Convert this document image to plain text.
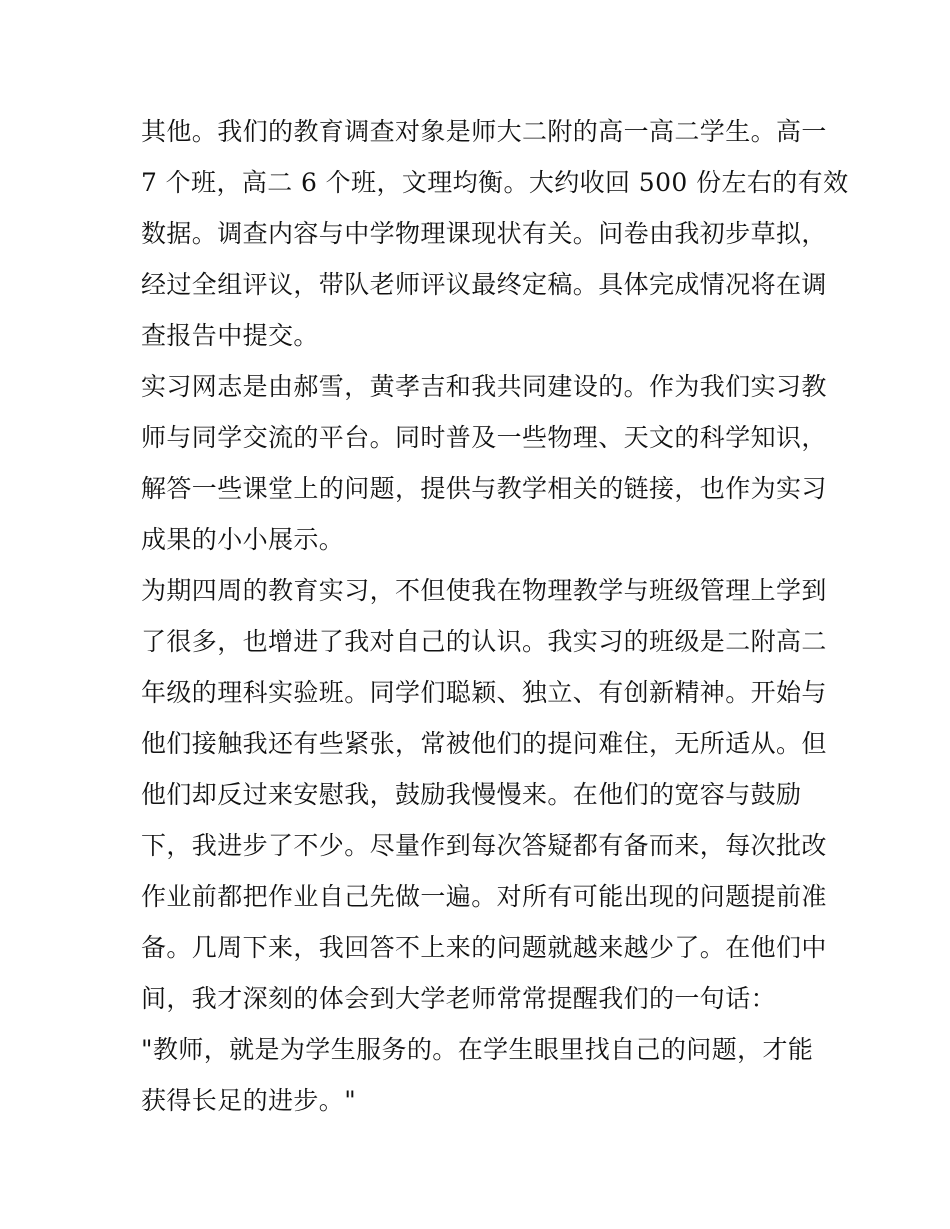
其他。我们的教育调查对象是师大二附的高一高二学生。高一
7 个班，高二 6 个班，文理均衡。大约收回 500 份左右的有效
数据。调查内容与中学物理课现状有关。问卷由我初步草拟，
经过全组评议，带队老师评议最终定稿。具体完成情况将在调
查报告中提交。
实习网志是由郝雪，黄孝吉和我共同建设的。作为我们实习教
师与同学交流的平台。同时普及一些物理、天文的科学知识，
解答一些课堂上的问题，提供与教学相关的链接，也作为实习
成果的小小展示。
为期四周的教育实习，不但使我在物理教学与班级管理上学到
了很多，也增进了我对自己的认识。我实习的班级是二附高二
年级的理科实验班。同学们聪颖、独立、有创新精神。开始与
他们接触我还有些紧张，常被他们的提问难住，无所适从。但
他们却反过来安慰我，鼓励我慢慢来。在他们的宽容与鼓励
下，我进步了不少。尽量作到每次答疑都有备而来，每次批改
作业前都把作业自己先做一遍。对所有可能出现的问题提前准
备。几周下来，我回答不上来的问题就越来越少了。在他们中
间，我才深刻的体会到大学老师常常提醒我们的一句话：
"教师，就是为学生服务的。在学生眼里找自己的问题，才能
获得长足的进步。"
